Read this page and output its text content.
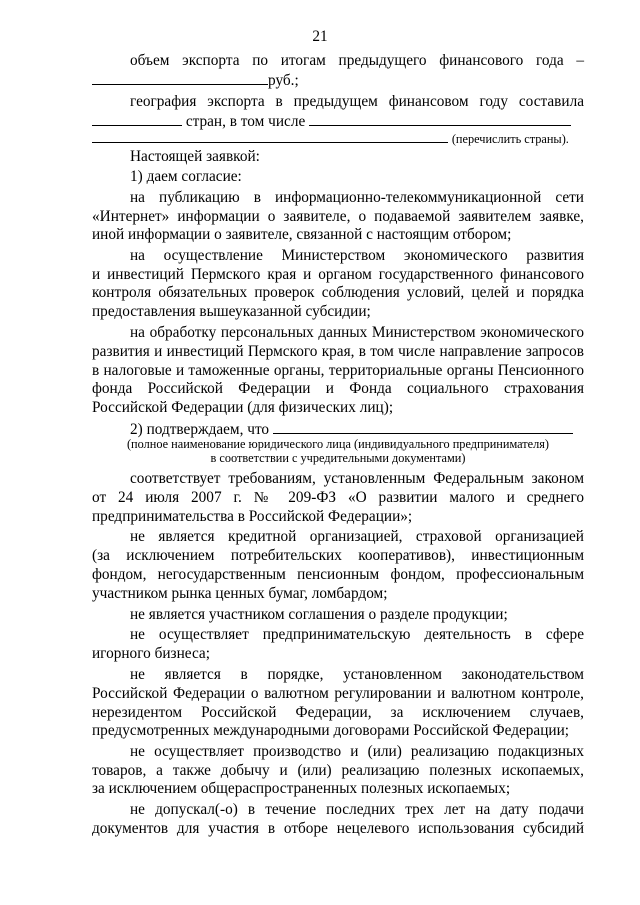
21
объем экспорта по итогам предыдущего финансового года –
руб.;
география экспорта в предыдущем финансовом году составила
стран, в том числе
(перечислить страны).
Настоящей заявкой:
1) даем согласие:
на публикацию в информационно-телекоммуникационной сети
«Интернет» информации о заявителе, о подаваемой заявителем заявке,
иной информации о заявителе, связанной с настоящим отбором;
на осуществление Министерством экономического развития
и инвестиций Пермского края и органом государственного финансового
контроля обязательных проверок соблюдения условий, целей и порядка
предоставления вышеуказанной субсидии;
на обработку персональных данных Министерством экономического
развития и инвестиций Пермского края, в том числе направление запросов
в налоговые и таможенные органы, территориальные органы Пенсионного
фонда Российской Федерации и Фонда социального страхования
Российской Федерации (для физических лиц);
2) подтверждаем, что
(полное наименование юридического лица (индивидуального предпринимателя)
в соответствии с учредительными документами)
соответствует требованиям, установленным Федеральным законом
от 24 июля 2007 г. № 209-ФЗ «О развитии малого и среднего
предпринимательства в Российской Федерации»;
не является кредитной организацией, страховой организацией
(за исключением потребительских кооперативов), инвестиционным
фондом, негосударственным пенсионным фондом, профессиональным
участником рынка ценных бумаг, ломбардом;
не является участником соглашения о разделе продукции;
не осуществляет предпринимательскую деятельность в сфере
игорного бизнеса;
не является в порядке, установленном законодательством
Российской Федерации о валютном регулировании и валютном контроле,
нерезидентом Российской Федерации, за исключением случаев,
предусмотренных международными договорами Российской Федерации;
не осуществляет производство и (или) реализацию подакцизных
товаров, а также добычу и (или) реализацию полезных ископаемых,
за исключением общераспространенных полезных ископаемых;
не допускал(-о) в течение последних трех лет на дату подачи
документов для участия в отборе нецелевого использования субсидий
